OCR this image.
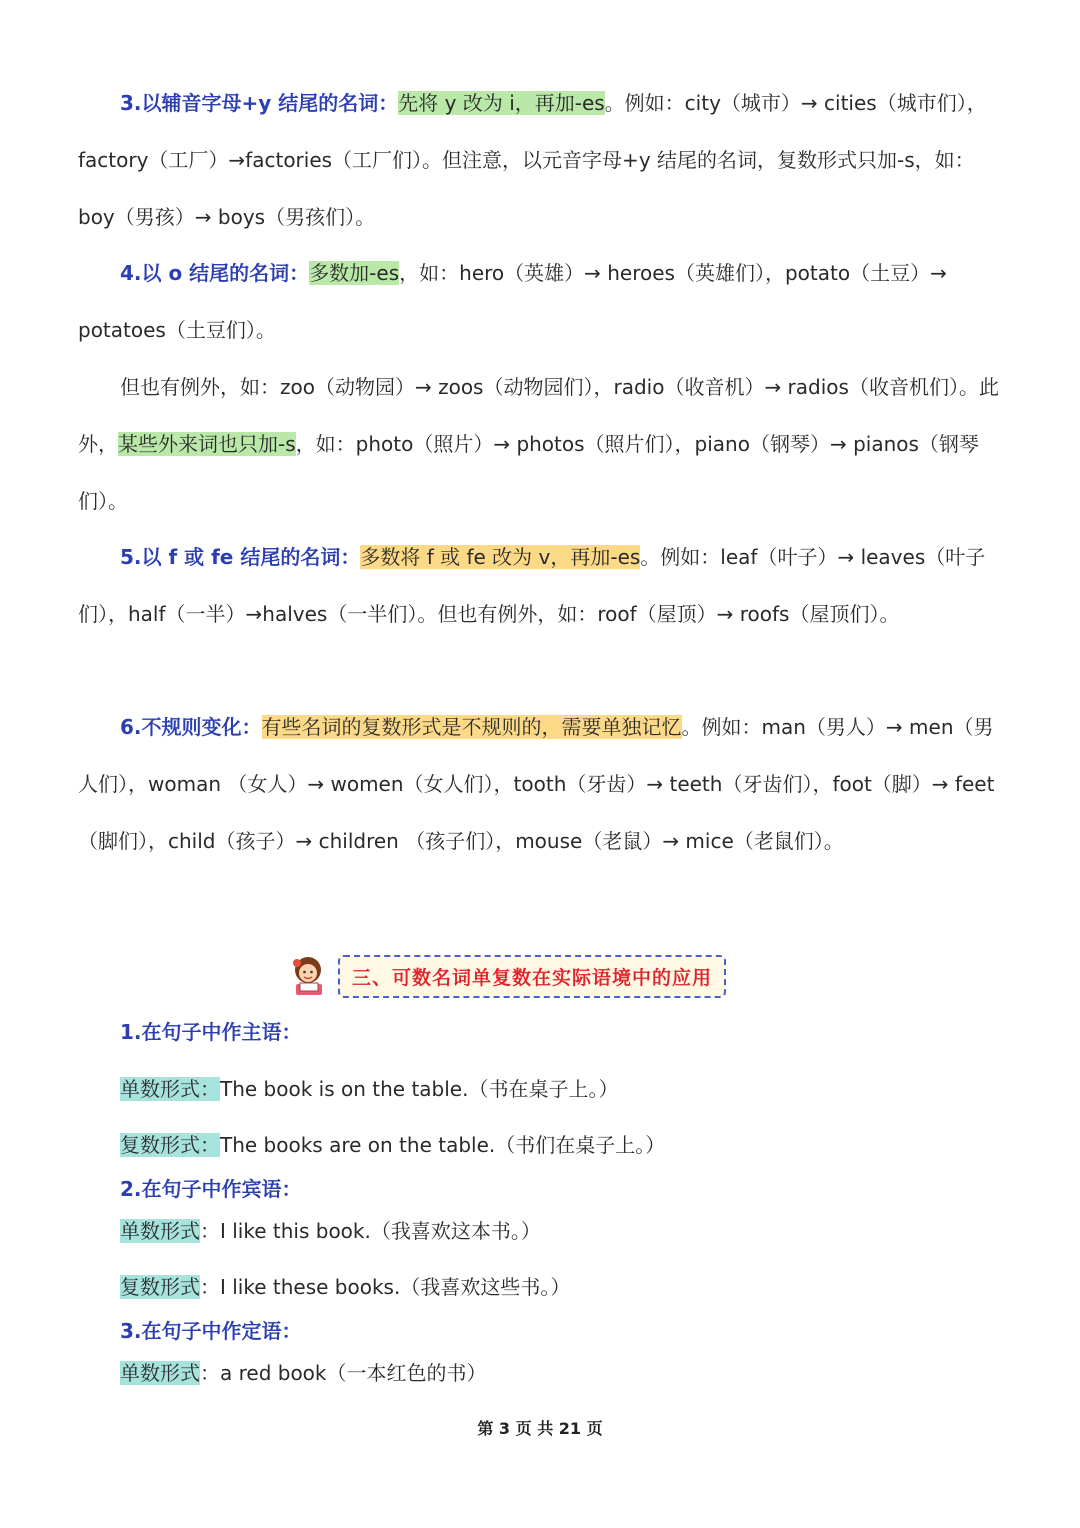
3.以辅音字母+y 结尾的名词：先将 y 改为 i，再加-es。例如：city（城市）→ cities（城市们），factory（工厂）→factories（工厂们）。但注意，以元音字母+y 结尾的名词，复数形式只加-s，如：boy（男孩）→ boys（男孩们）。

4.以 o 结尾的名词：多数加-es，如：hero（英雄）→ heroes（英雄们），potato（土豆）→ potatoes（土豆们）。

但也有例外，如：zoo（动物园）→ zoos（动物园们），radio（收音机）→ radios（收音机们）。此外，某些外来词也只加-s，如：photo（照片）→ photos（照片们），piano（钢琴）→ pianos（钢琴们）。

5.以 f 或 fe 结尾的名词：多数将 f 或 fe 改为 v，再加-es。例如：leaf（叶子）→ leaves（叶子们），half（一半）→halves（一半们）。但也有例外，如：roof（屋顶）→ roofs（屋顶们）。

6.不规则变化：有些名词的复数形式是不规则的，需要单独记忆。例如：man（男人）→ men（男人们），woman （女人）→ women（女人们），tooth（牙齿）→ teeth（牙齿们），foot（脚）→ feet（脚们），child（孩子）→ children （孩子们），mouse（老鼠）→ mice（老鼠们）。

三、可数名词单复数在实际语境中的应用
1.在句子中作主语：
单数形式：The book is on the table.（书在桌子上。）
复数形式：The books are on the table.（书们在桌子上。）
2.在句子中作宾语：
单数形式：I like this book.（我喜欢这本书。）
复数形式：I like these books.（我喜欢这些书。）
3.在句子中作定语：
单数形式：a red book（一本红色的书）
第 3 页 共 21 页
